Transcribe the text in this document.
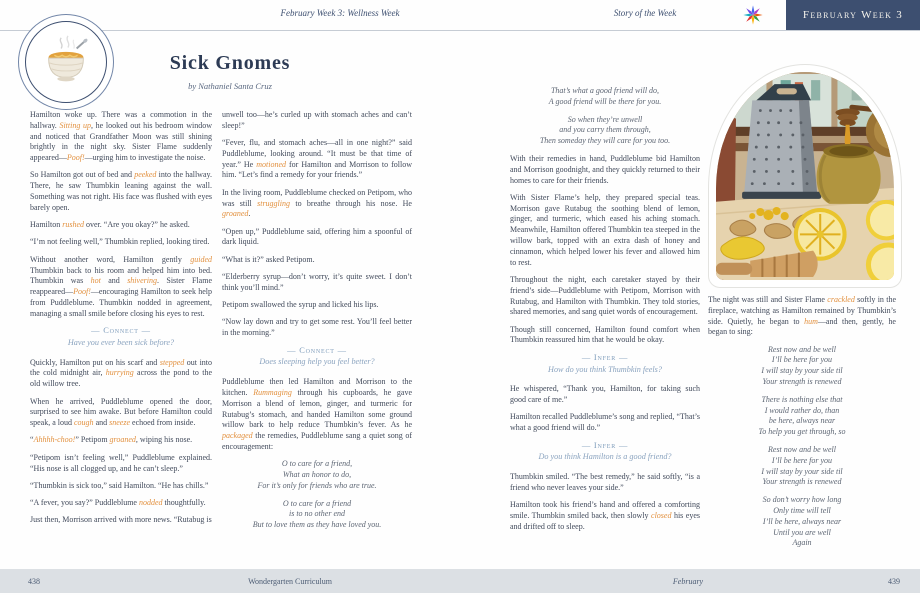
February Week 3: Wellness Week	Story of the Week	February Week 3
Sick Gnomes
by Nathaniel Santa Cruz

Hamilton woke up. There was a commotion in the hallway. Sitting up, he looked out his bedroom window and noticed that Grandfather Moon was still shining brightly in the night sky. Sister Flame suddenly appeared—Poof!—urging him to investigate the noise.

So Hamilton got out of bed and peeked into the hallway. There, he saw Thumbkin leaning against the wall. Something was not right. His face was flushed with eyes barely open.

Hamilton rushed over. “Are you okay?” he asked.

“I’m not feeling well,” Thumbkin replied, looking tired.

Without another word, Hamilton gently guided Thumbkin back to his room and helped him into bed. Thumbkin was hot and shivering. Sister Flame reappeared—Poof!—encouraging Hamilton to seek help from Puddleblume. Thumbkin nodded in agreement, managing a small smile before closing his eyes to rest.

— Connect —
Have you ever been sick before?

Quickly, Hamilton put on his scarf and stepped out into the cold midnight air, hurrying across the pond to the old willow tree.

When he arrived, Puddleblume opened the door, surprised to see him awake. But before Hamilton could speak, a loud cough and sneeze echoed from inside.

“Ahhhh-choo!” Petipom groaned, wiping his nose.

“Petipom isn’t feeling well,” Puddleblume explained. “His nose is all clogged up, and he can’t sleep.”

“Thumbkin is sick too,” said Hamilton. “He has chills.”

“A fever, you say?” Puddleblume nodded thoughtfully.

Just then, Morrison arrived with more news. “Rutabug is

unwell too—he’s curled up with stomach aches and can’t sleep!”

“Fever, flu, and stomach aches—all in one night?” said Puddleblume, looking around. “It must be that time of year.” He motioned for Hamilton and Morrison to follow him. “Let’s find a remedy for your friends.”

In the living room, Puddleblume checked on Petipom, who was still struggling to breathe through his nose. He groaned.

“Open up,” Puddleblume said, offering him a spoonful of dark liquid.

“What is it?” asked Petipom.

“Elderberry syrup—don’t worry, it’s quite sweet. I don’t think you’ll mind.”

Petipom swallowed the syrup and licked his lips.

“Now lay down and try to get some rest. You’ll feel better in the morning.”

— Connect —
Does sleeping help you feel better?

Puddleblume then led Hamilton and Morrison to the kitchen. Rummaging through his cupboards, he gave Morrison a blend of lemon, ginger, and turmeric for Rutabug’s stomach, and handed Hamilton some ground willow bark to help reduce Thumbkin’s fever. As he packaged the remedies, Puddleblume sang a quiet song of encouragement:

O to care for a friend,
What an honor to do,
For it’s only for friends who are true.
O to care for a friend
is to no other end
But to love them as they have loved you.
That’s what a good friend will do,
A good friend will be there for you.
So when they’re unwell
and you carry them through,
Then someday they will care for you too.

With their remedies in hand, Puddleblume bid Hamilton and Morrison goodnight, and they quickly returned to their homes to care for their friends.

With Sister Flame’s help, they prepared special teas. Morrison gave Rutabug the soothing blend of lemon, ginger, and turmeric, which eased his aching stomach. Meanwhile, Hamilton offered Thumbkin tea steeped in the willow bark, topped with an extra dash of honey and cinnamon, which helped lower his fever and allowed him to rest.

Throughout the night, each caretaker stayed by their friend’s side—Puddleblume with Petipom, Morrison with Rutabug, and Hamilton with Thumbkin. They told stories, shared memories, and sang quiet words of encouragement.

Though still concerned, Hamilton found comfort when Thumbkin reassured him that he would be okay.

— Infer —
How do you think Thumbkin feels?

He whispered, “Thank you, Hamilton, for taking such good care of me.”

Hamilton recalled Puddleblume’s song and replied, “That’s what a good friend will do.”

— Infer —
Do you think Hamilton is a good friend?

Thumbkin smiled. “The best remedy,” he said softly, “is a friend who never leaves your side.”

Hamilton took his friend’s hand and offered a comforting smile. Thumbkin smiled back, then slowly closed his eyes and drifted off to sleep.

The night was still and Sister Flame crackled softly in the fireplace, watching as Hamilton remained by Thumbkin’s side. Quietly, he began to hum—and then, gently, he began to sing:

Rest now and be well
I’ll be here for you
I will stay by your side til
Your strength is renewed
There is nothing else that
I would rather do, than
be here, always near
To help you get through, so
Rest now and be well
I’ll be here for you
I will stay by your side til
Your strength is renewed
So don’t worry how long
Only time will tell
I’ll be here, always near
Until you are well
Again
438	Wondergarten Curriculum	February	439
